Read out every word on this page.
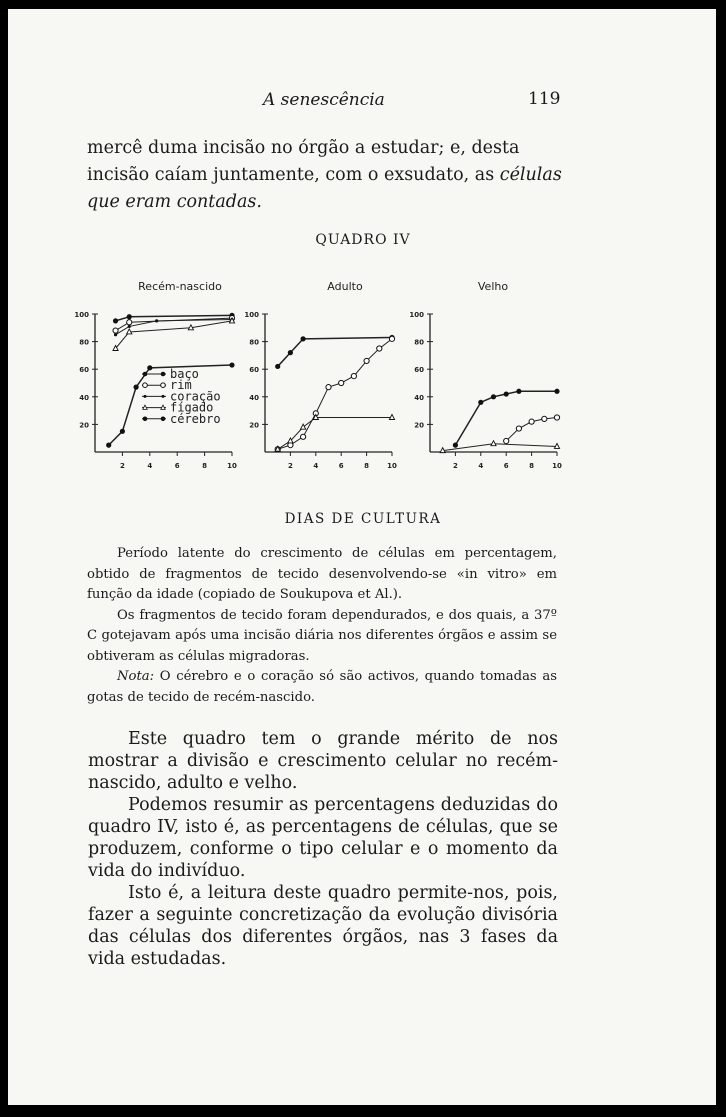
A senescência	119
mercê duma incisão no órgão a estudar; e, desta incisão caíam juntamente, com o exsudato, as células que eram contadas.
QUADRO IV
Recém-nascido
100
80
60
40
20
2	4	6	8	10
baço
rim
coração
fígado
cérebro
Adulto
100
80
60
40
20
2	4	6	8	10
Velho
100
80
60
40
20
2	4	6	8	10
DIAS DE CULTURA

Período latente do crescimento de células em percentagem, obtido de fragmentos de tecido desenvolvendo-se «in vitro» em função da idade (copiado de Soukupova et Al.).

Os fragmentos de tecido foram dependurados, e dos quais, a 37º C gotejavam após uma incisão diária nos diferentes órgãos e assim se obtiveram as células migradoras.

Nota: O cérebro e o coração só são activos, quando tomadas as gotas de tecido de recém-nascido.

Este quadro tem o grande mérito de nos mostrar a divisão e crescimento celular no recém-nascido, adulto e velho.

Podemos resumir as percentagens deduzidas do quadro IV, isto é, as percentagens de células, que se produzem, conforme o tipo celular e o momento da vida do indivíduo.

Isto é, a leitura deste quadro permite-nos, pois, fazer a seguinte concretização da evolução divisória das células dos diferentes órgãos, nas 3 fases da vida estudadas.
